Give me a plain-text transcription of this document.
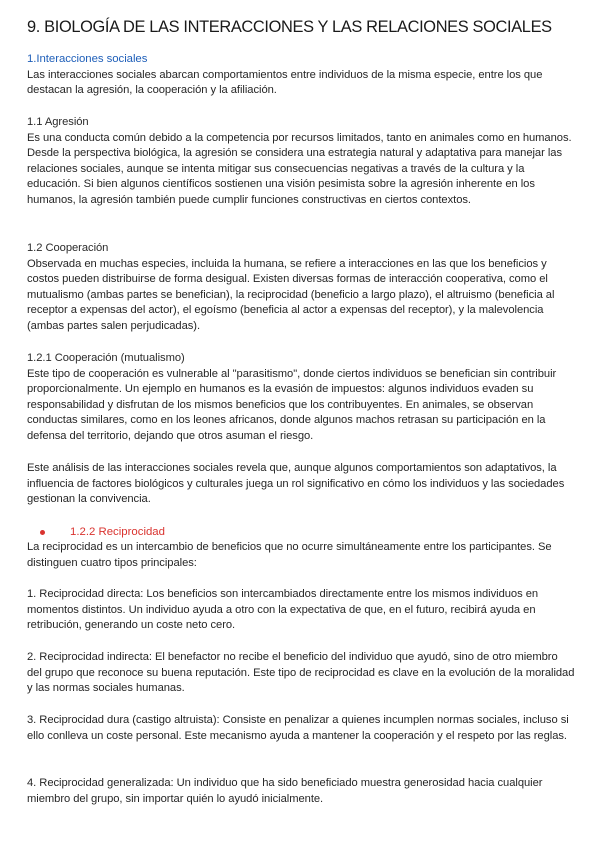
9. BIOLOGÍA DE LAS INTERACCIONES Y LAS RELACIONES SOCIALES

1.Interacciones sociales

Las interacciones sociales abarcan comportamientos entre individuos de la misma especie, entre los que destacan la agresión, la cooperación y la afiliación.

1.1 Agresión

Es una conducta común debido a la competencia por recursos limitados, tanto en animales como en humanos. Desde la perspectiva biológica, la agresión se considera una estrategia natural y adaptativa para manejar las relaciones sociales, aunque se intenta mitigar sus consecuencias negativas a través de la cultura y la educación. Si bien algunos científicos sostienen una visión pesimista sobre la agresión inherente en los humanos, la agresión también puede cumplir funciones constructivas en ciertos contextos.

1.2 Cooperación

Observada en muchas especies, incluida la humana, se refiere a interacciones en las que los beneficios y costos pueden distribuirse de forma desigual. Existen diversas formas de interacción cooperativa, como el mutualismo (ambas partes se benefician), la reciprocidad (beneficio a largo plazo), el altruismo (beneficia al receptor a expensas del actor), el egoísmo (beneficia al actor a expensas del receptor), y la malevolencia (ambas partes salen perjudicadas).

1.2.1 Cooperación (mutualismo)

Este tipo de cooperación es vulnerable al "parasitismo", donde ciertos individuos se benefician sin contribuir proporcionalmente. Un ejemplo en humanos es la evasión de impuestos: algunos individuos evaden su responsabilidad y disfrutan de los mismos beneficios que los contribuyentes. En animales, se observan conductas similares, como en los leones africanos, donde algunos machos retrasan su participación en la defensa del territorio, dejando que otros asuman el riesgo.

Este análisis de las interacciones sociales revela que, aunque algunos comportamientos son adaptativos, la influencia de factores biológicos y culturales juega un rol significativo en cómo los individuos y las sociedades gestionan la convivencia.

1.2.2 Reciprocidad

La reciprocidad es un intercambio de beneficios que no ocurre simultáneamente entre los participantes. Se distinguen cuatro tipos principales:

1. Reciprocidad directa: Los beneficios son intercambiados directamente entre los mismos individuos en momentos distintos. Un individuo ayuda a otro con la expectativa de que, en el futuro, recibirá ayuda en retribución, generando un coste neto cero.

2. Reciprocidad indirecta: El benefactor no recibe el beneficio del individuo que ayudó, sino de otro miembro del grupo que reconoce su buena reputación. Este tipo de reciprocidad es clave en la evolución de la moralidad y las normas sociales humanas.

3. Reciprocidad dura (castigo altruista): Consiste en penalizar a quienes incumplen normas sociales, incluso si ello conlleva un coste personal. Este mecanismo ayuda a mantener la cooperación y el respeto por las reglas.

4. Reciprocidad generalizada: Un individuo que ha sido beneficiado muestra generosidad hacia cualquier miembro del grupo, sin importar quién lo ayudó inicialmente.
